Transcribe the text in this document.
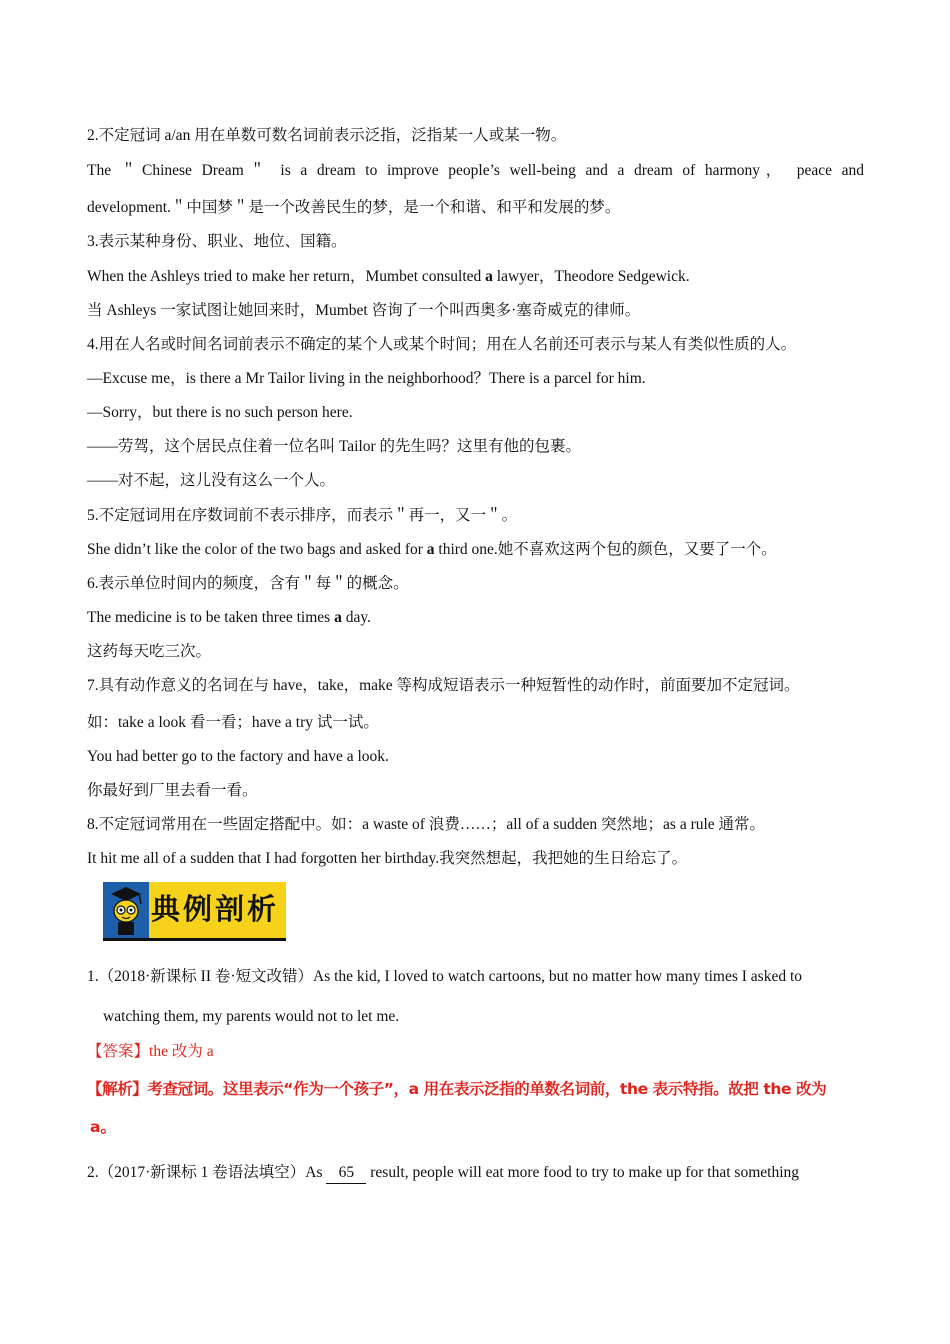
2.不定冠词 a/an 用在单数可数名词前表示泛指，泛指某一人或某一物。
The ＂Chinese Dream＂ is a dream to improve people’s well-being and a dream of harmony， peace and
development.＂中国梦＂是一个改善民生的梦，是一个和谐、和平和发展的梦。
3.表示某种身份、职业、地位、国籍。
When the Ashleys tried to make her return，Mumbet consulted a lawyer，Theodore Sedgewick.
当 Ashleys 一家试图让她回来时，Mumbet 咨询了一个叫西奥多·塞奇威克的律师。
4.用在人名或时间名词前表示不确定的某个人或某个时间；用在人名前还可表示与某人有类似性质的人。
—Excuse me，is there a Mr Tailor living in the neighborhood？There is a parcel for him.
—Sorry，but there is no such person here.
——劳驾，这个居民点住着一位名叫 Tailor 的先生吗？这里有他的包裹。
——对不起，这儿没有这么一个人。
5.不定冠词用在序数词前不表示排序，而表示＂再一，又一＂。
She didn’t like the color of the two bags and asked for a third one.她不喜欢这两个包的颜色，又要了一个。
6.表示单位时间内的频度，含有＂每＂的概念。
The medicine is to be taken three times a day.
这药每天吃三次。
7.具有动作意义的名词在与 have，take，make 等构成短语表示一种短暂性的动作时，前面要加不定冠词。
如：take a look 看一看；have a try 试一试。
You had better go to the factory and have a look.
你最好到厂里去看一看。
8.不定冠词常用在一些固定搭配中。如：a waste of 浪费……；all of a sudden 突然地；as a rule 通常。
It hit me all of a sudden that I had forgotten her birthday.我突然想起，我把她的生日给忘了。
典例剖析
1.（2018·新课标 II 卷·短文改错）As the kid, I loved to watch cartoons, but no matter how many times I asked to
watching them, my parents would not to let me.
【答案】the 改为 a
【解析】考查冠词。这里表示“作为一个孩子”，a 用在表示泛指的单数名词前，the 表示特指。故把 the 改为
a。
2.（2017·新课标 1 卷语法填空）As 65 result, people will eat more food to try to make up for that something
